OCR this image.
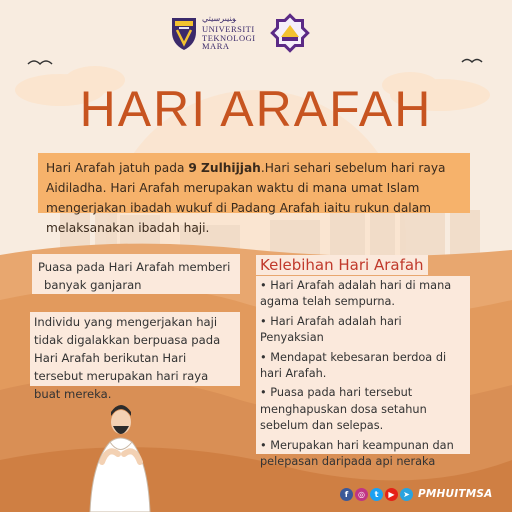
ﻮﻨﻴﯩﺮﺳﻴﺘﻲ
UNIVERSITI
TEKNOLOGI
MARA
HARI ARAFAH
Hari Arafah jatuh pada 9 Zulhijjah.Hari sehari sebelum hari raya Aidiladha. Hari Arafah merupakan waktu di mana umat Islam mengerjakan ibadah wukuf di Padang Arafah iaitu rukun dalam melaksanakan ibadah haji.
Puasa pada Hari Arafah memberi
banyak ganjaran
Individu yang mengerjakan haji tidak digalakkan berpuasa pada Hari Arafah berikutan Hari tersebut merupakan hari raya buat mereka.
Kelebihan Hari Arafah
• Hari Arafah adalah hari di mana agama telah sempurna.
• Hari Arafah adalah hari Penyaksian
• Mendapat kebesaran berdoa di hari Arafah.
• Puasa pada hari tersebut menghapuskan dosa setahun sebelum dan selepas.
• Merupakan hari keampunan dan pelepasan daripada api neraka
f	◎	t	▶	➤ PMHUITMSA
